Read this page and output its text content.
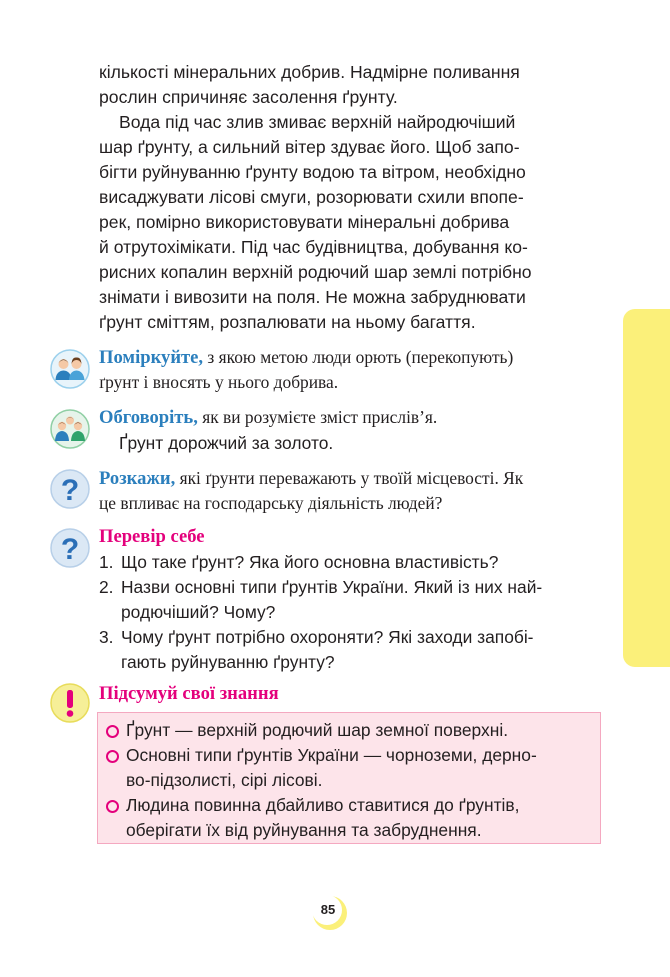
кількості мінеральних добрив. Надмірне поливання
рослин спричиняє засолення ґрунту.
Вода під час злив змиває верхній найродючіший
шар ґрунту, а сильний вітер здуває його. Щоб запо-
бігти руйнуванню ґрунту водою та вітром, необхідно
висаджувати лісові смуги, розорювати схили впопе-
рек, помірно використовувати мінеральні добрива
й отрутохімікати. Під час будівництва, добування ко-
рисних копалин верхній родючий шар землі потрібно
знімати і вивозити на поля. Не можна забруднювати
ґрунт сміттям, розпалювати на ньому багаття.
Поміркуйте, з якою метою люди орють (перекопують)
ґрунт і вносять у нього добрива.
Обговоріть, як ви розумієте зміст прислів’я.
Ґрунт дорожчий за золото.
? Розкажи, які ґрунти переважають у твоїй місцевості. Як
це впливає на господарську діяльність людей?
? Перевір себе
1. Що таке ґрунт? Яка його основна властивість?
2. Назви основні типи ґрунтів України. Який із них най-
родючіший? Чому?
3. Чому ґрунт потрібно охороняти? Які заходи запобі-
гають руйнуванню ґрунту?
Підсумуй свої знання
Ґрунт — верхній родючий шар земної поверхні.
Основні типи ґрунтів України — чорноземи, дерно-
во-підзолисті, сірі лісові.
Людина повинна дбайливо ставитися до ґрунтів,
оберігати їх від руйнування та забруднення.
85
